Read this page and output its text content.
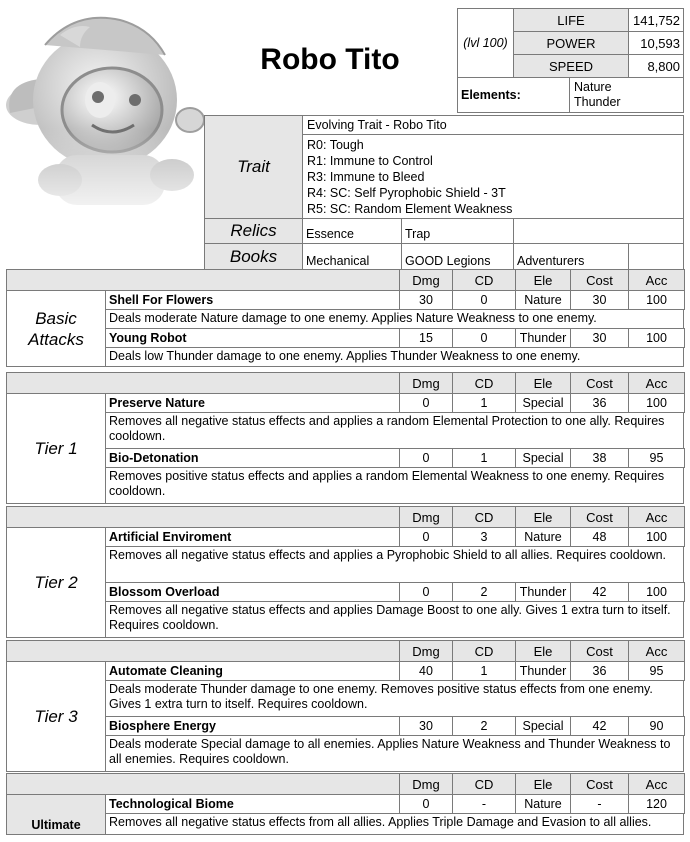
Robo Tito	(lvl 100)
LIFE	141,752
POWER	10,593
SPEED	8,800
Elements:
Nature
Thunder
Trait
Evolving Trait - Robo Tito
R0: Tough
R1: Immune to Control
R3: Immune to Bleed
R4: SC: Self Pyrophobic Shield - 3T
R5: SC: Random Element Weakness
Relics	Essence	Trap
Books	Mechanical	GOOD Legions	Adventurers
Dmg	CD	Ele	Cost	Acc
Shell For Flowers	30	0	Nature	30	100
Deals moderate Nature damage to one enemy. Applies Nature Weakness to one enemy.
Young Robot	15	0	Thunder	30	100
Deals low Thunder damage to one enemy. Applies Thunder Weakness to one enemy.
Basic Attacks
Dmg	CD	Ele	Cost	Acc
Preserve Nature	0	1	Special	36	100
Removes all negative status effects and applies a random Elemental Protection to one ally. Requires cooldown.
Bio-Detonation	0	1	Special	38	95
Removes positive status effects and applies a random Elemental Weakness to one enemy. Requires cooldown.
Tier 1
Dmg	CD	Ele	Cost	Acc
Artificial Enviroment	0	3	Nature	48	100
Removes all negative status effects and applies a Pyrophobic Shield to all allies. Requires cooldown.
Blossom Overload	0	2	Thunder	42	100
Removes all negative status effects and applies Damage Boost to one ally. Gives 1 extra turn to itself. Requires cooldown.
Tier 2
Dmg	CD	Ele	Cost	Acc
Automate Cleaning	40	1	Thunder	36	95
Deals moderate Thunder damage to one enemy. Removes positive status effects from one enemy. Gives 1 extra turn to itself. Requires cooldown.
Biosphere Energy	30	2	Special	42	90
Deals moderate Special damage to all enemies. Applies Nature Weakness and Thunder Weakness to all enemies. Requires cooldown.
Tier 3
Dmg	CD	Ele	Cost	Acc
Technological Biome	0	-	Nature	-	120
Removes all negative status effects from all allies. Applies Triple Damage and Evasion to all allies.
Ultimate
